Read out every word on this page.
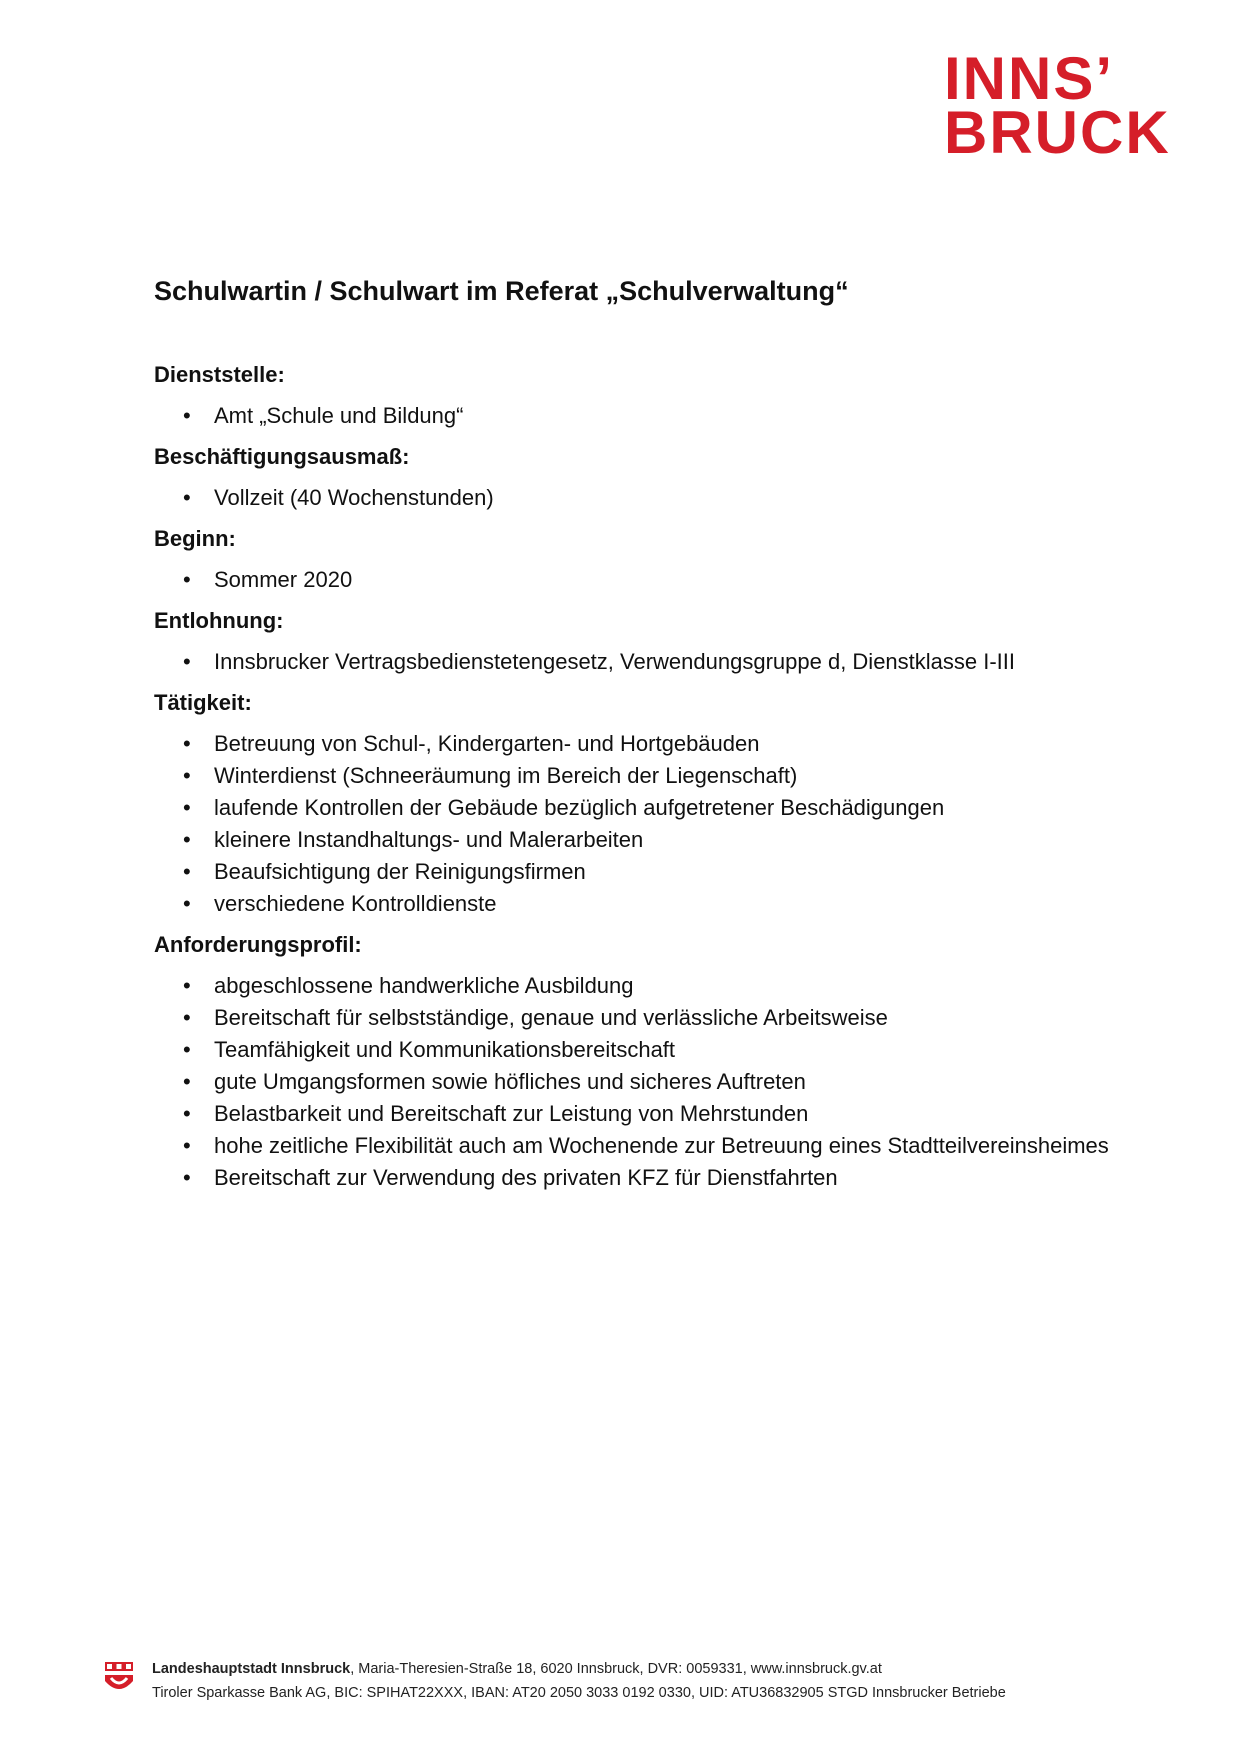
INNS’
BRUCK
Schulwartin / Schulwart im Referat „Schulverwaltung“
Dienststelle:
• Amt „Schule und Bildung“
Beschäftigungsausmaß:
• Vollzeit (40 Wochenstunden)
Beginn:
• Sommer 2020
Entlohnung:
• Innsbrucker Vertragsbedienstetengesetz, Verwendungsgruppe d, Dienstklasse I-III
Tätigkeit:
• Betreuung von Schul-, Kindergarten- und Hortgebäuden
• Winterdienst (Schneeräumung im Bereich der Liegenschaft)
• laufende Kontrollen der Gebäude bezüglich aufgetretener Beschädigungen
• kleinere Instandhaltungs- und Malerarbeiten
• Beaufsichtigung der Reinigungsfirmen
• verschiedene Kontrolldienste
Anforderungsprofil:
• abgeschlossene handwerkliche Ausbildung
• Bereitschaft für selbstständige, genaue und verlässliche Arbeitsweise
• Teamfähigkeit und Kommunikationsbereitschaft
• gute Umgangsformen sowie höfliches und sicheres Auftreten
• Belastbarkeit und Bereitschaft zur Leistung von Mehrstunden
• hohe zeitliche Flexibilität auch am Wochenende zur Betreuung eines Stadtteilvereinsheimes
• Bereitschaft zur Verwendung des privaten KFZ für Dienstfahrten
Landeshauptstadt Innsbruck, Maria-Theresien-Straße 18, 6020 Innsbruck, DVR: 0059331, www.innsbruck.gv.at
Tiroler Sparkasse Bank AG, BIC: SPIHAT22XXX, IBAN: AT20 2050 3033 0192 0330, UID: ATU36832905 STGD Innsbrucker Betriebe
